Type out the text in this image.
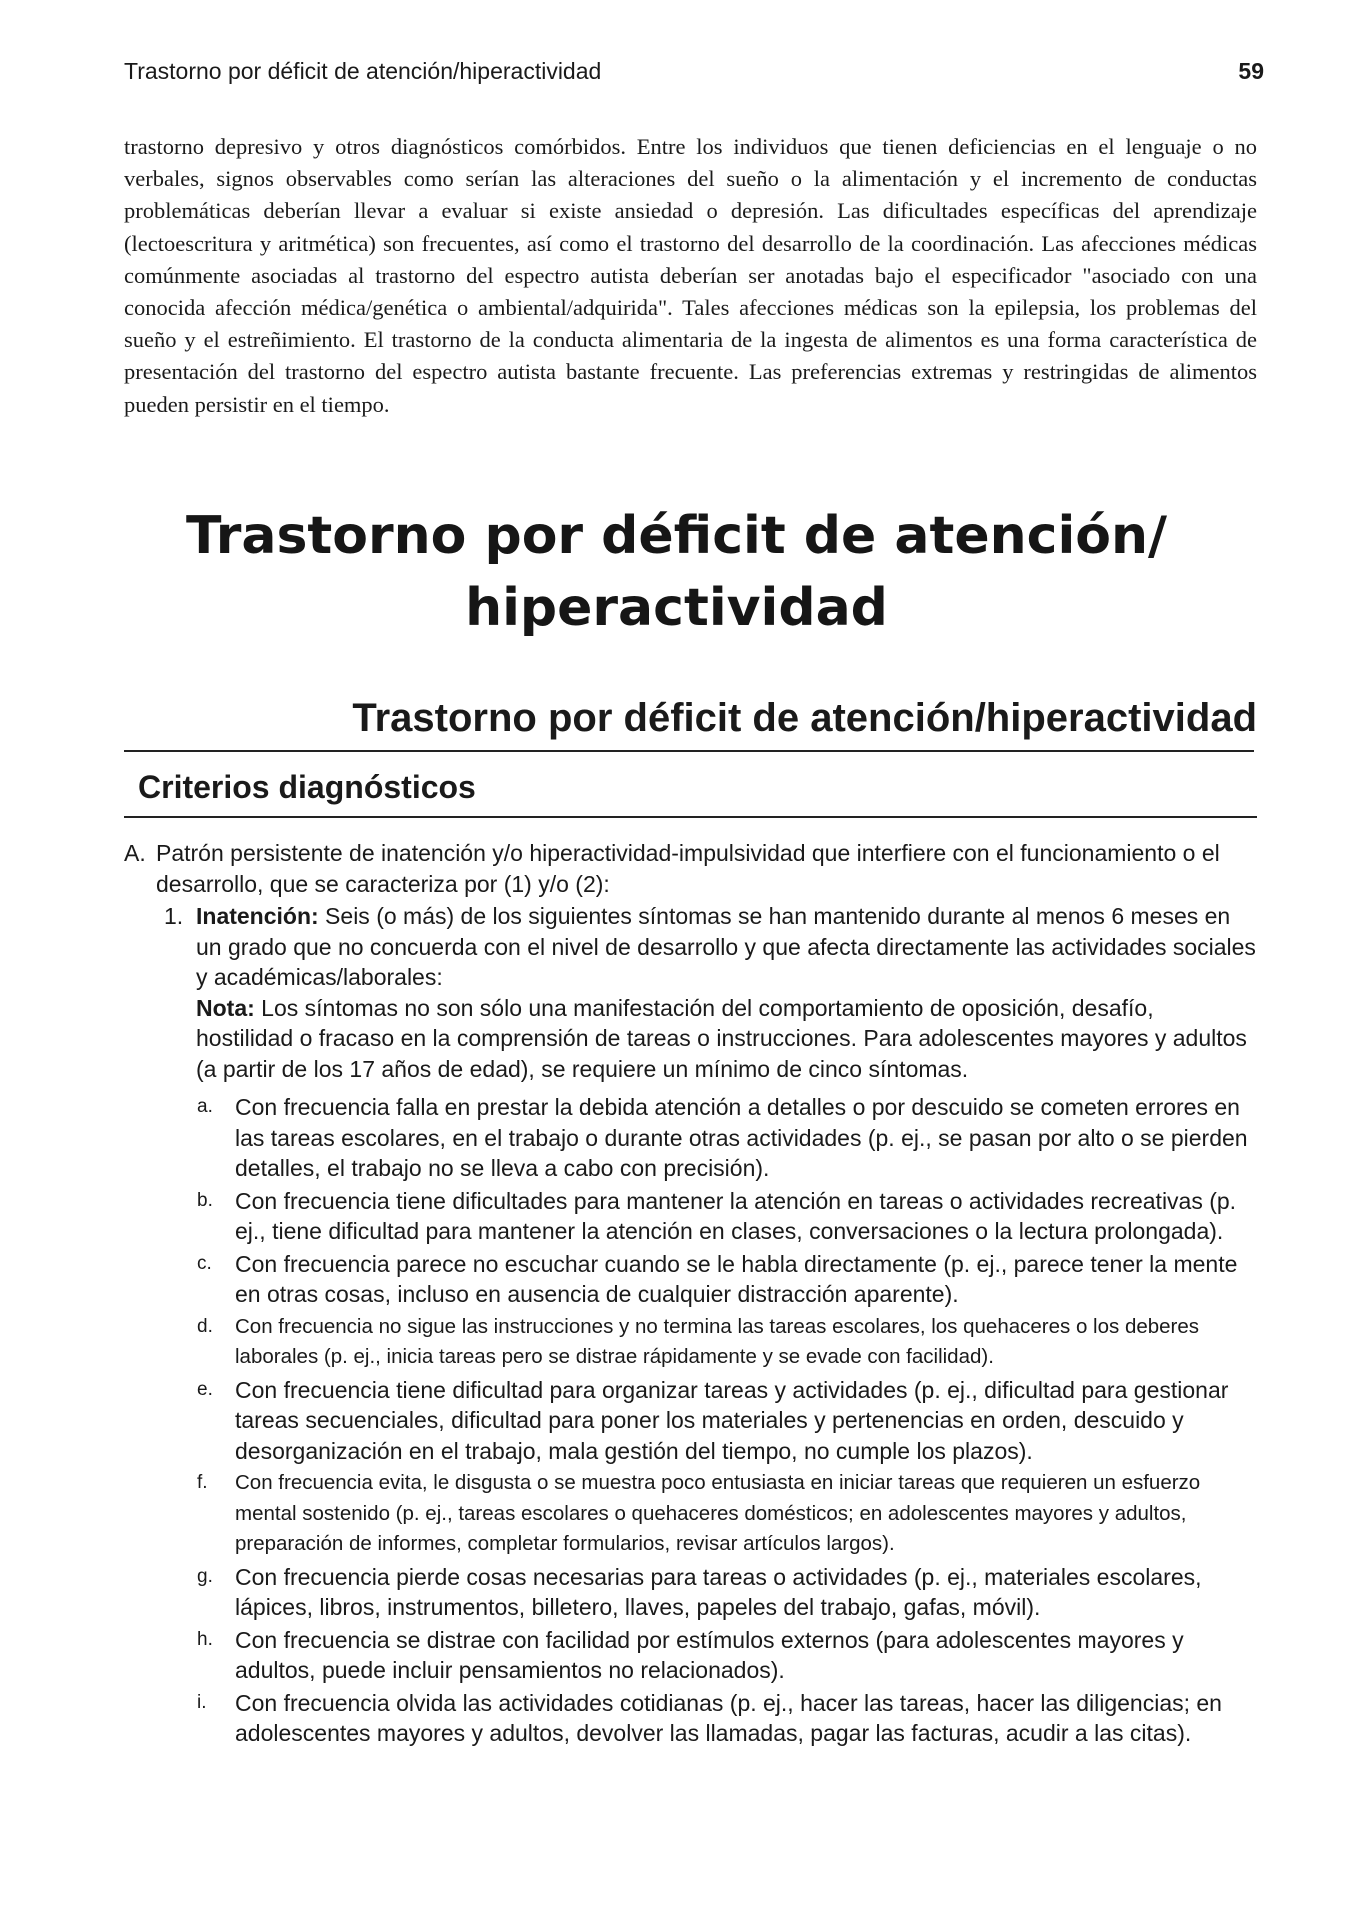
Trastorno por déficit de atención/hiperactividad	59

trastorno depresivo y otros diagnósticos comórbidos. Entre los individuos que tienen deficiencias en el lenguaje o no verbales, signos observables como serían las alteraciones del sueño o la alimentación y el incremento de conductas problemáticas deberían llevar a evaluar si existe ansiedad o depresión. Las dificultades específicas del aprendizaje (lectoescritura y aritmética) son frecuentes, así como el trastorno del desarrollo de la coordinación. Las afecciones médicas comúnmente asociadas al trastorno del espectro autista deberían ser anotadas bajo el especificador "asociado con una conocida afección médica/genética o ambiental/adquirida". Tales afecciones médicas son la epilepsia, los problemas del sueño y el estreñimiento. El trastorno de la conducta alimentaria de la ingesta de alimentos es una forma característica de presentación del trastorno del espectro autista bastante frecuente. Las preferencias extremas y restringidas de alimentos pueden persistir en el tiempo.

Trastorno por déficit de atención/
hiperactividad
Trastorno por déficit de atención/hiperactividad
Criterios diagnósticos
A. Patrón persistente de inatención y/o hiperactividad-impulsividad que interfiere con el funcionamiento o el desarrollo, que se caracteriza por (1) y/o (2):
1. Inatención: Seis (o más) de los siguientes síntomas se han mantenido durante al menos 6 meses en un grado que no concuerda con el nivel de desarrollo y que afecta directamente las actividades sociales y académicas/laborales:
Nota: Los síntomas no son sólo una manifestación del comportamiento de oposición, desafío, hostilidad o fracaso en la comprensión de tareas o instrucciones. Para adolescentes mayores y adultos (a partir de los 17 años de edad), se requiere un mínimo de cinco síntomas.
a. Con frecuencia falla en prestar la debida atención a detalles o por descuido se cometen errores en las tareas escolares, en el trabajo o durante otras actividades (p. ej., se pasan por alto o se pierden detalles, el trabajo no se lleva a cabo con precisión).
b. Con frecuencia tiene dificultades para mantener la atención en tareas o actividades recreativas (p. ej., tiene dificultad para mantener la atención en clases, conversaciones o la lectura prolongada).
c. Con frecuencia parece no escuchar cuando se le habla directamente (p. ej., parece tener la mente en otras cosas, incluso en ausencia de cualquier distracción aparente).
d. Con frecuencia no sigue las instrucciones y no termina las tareas escolares, los quehaceres o los deberes laborales (p. ej., inicia tareas pero se distrae rápidamente y se evade con facilidad).
e. Con frecuencia tiene dificultad para organizar tareas y actividades (p. ej., dificultad para gestionar tareas secuenciales, dificultad para poner los materiales y pertenencias en orden, descuido y desorganización en el trabajo, mala gestión del tiempo, no cumple los plazos).
f. Con frecuencia evita, le disgusta o se muestra poco entusiasta en iniciar tareas que requieren un esfuerzo mental sostenido (p. ej., tareas escolares o quehaceres domésticos; en adolescentes mayores y adultos, preparación de informes, completar formularios, revisar artículos largos).
g. Con frecuencia pierde cosas necesarias para tareas o actividades (p. ej., materiales escolares, lápices, libros, instrumentos, billetero, llaves, papeles del trabajo, gafas, móvil).
h. Con frecuencia se distrae con facilidad por estímulos externos (para adolescentes mayores y adultos, puede incluir pensamientos no relacionados).
i. Con frecuencia olvida las actividades cotidianas (p. ej., hacer las tareas, hacer las diligencias; en adolescentes mayores y adultos, devolver las llamadas, pagar las facturas, acudir a las citas).
